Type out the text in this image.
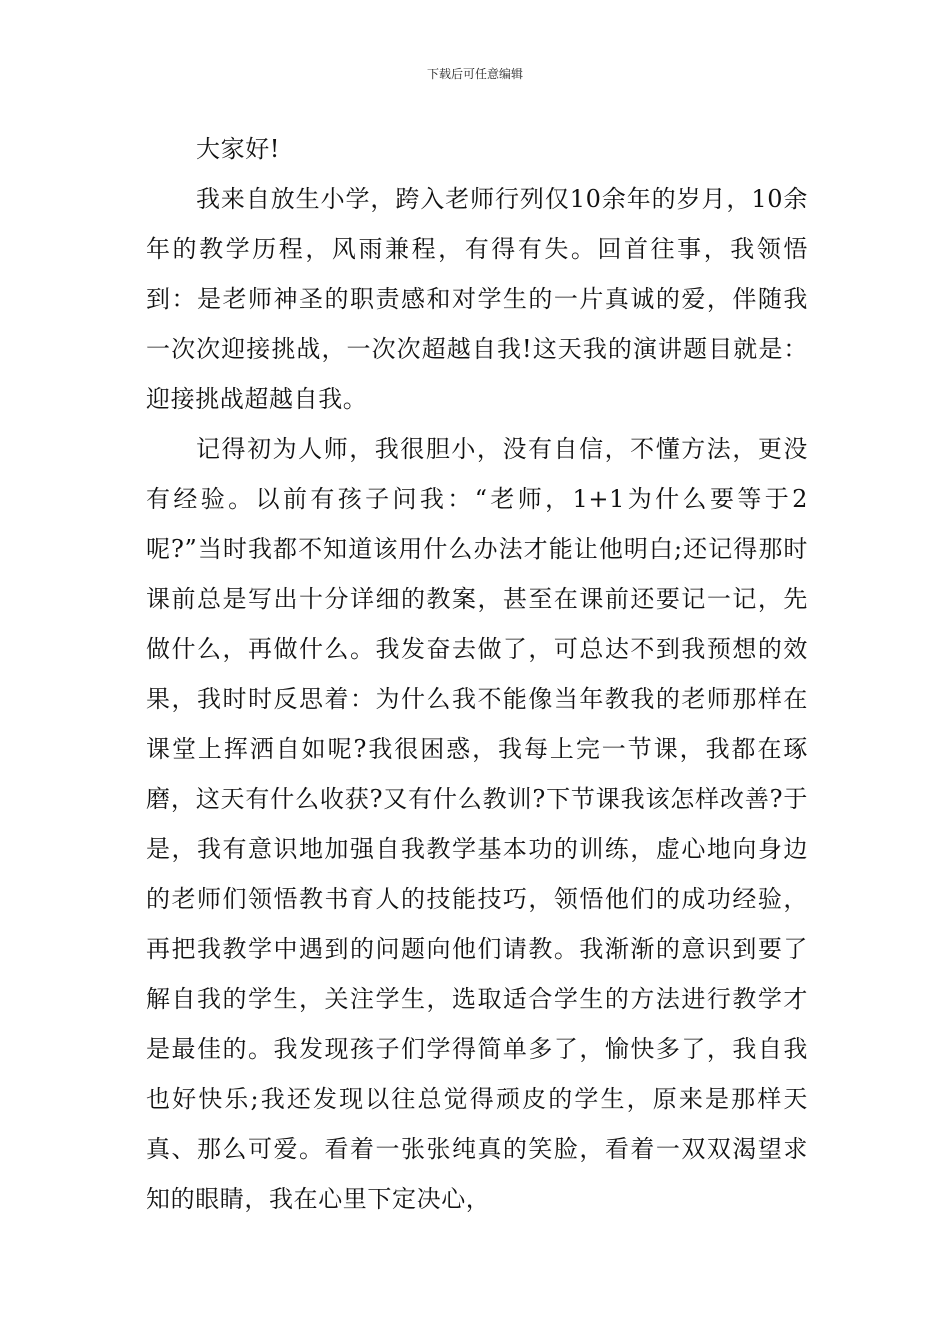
下载后可任意编辑

大家好!

我来自放生小学，跨入老师行列仅10余年的岁月，10余年的教学历程，风雨兼程，有得有失。回首往事，我领悟到：是老师神圣的职责感和对学生的一片真诚的爱，伴随我一次次迎接挑战，一次次超越自我!这天我的演讲题目就是：迎接挑战超越自我。

记得初为人师，我很胆小，没有自信，不懂方法，更没有经验。以前有孩子问我：“老师，1+1为什么要等于2呢?”当时我都不知道该用什么办法才能让他明白;还记得那时课前总是写出十分详细的教案，甚至在课前还要记一记，先做什么，再做什么。我发奋去做了，可总达不到我预想的效果，我时时反思着：为什么我不能像当年教我的老师那样在课堂上挥洒自如呢?我很困惑，我每上完一节课，我都在琢磨，这天有什么收获?又有什么教训?下节课我该怎样改善?于是，我有意识地加强自我教学基本功的训练，虚心地向身边的老师们领悟教书育人的技能技巧，领悟他们的成功经验，再把我教学中遇到的问题向他们请教。我渐渐的意识到要了解自我的学生，关注学生，选取适合学生的方法进行教学才是最佳的。我发现孩子们学得简单多了，愉快多了，我自我也好快乐;我还发现以往总觉得顽皮的学生，原来是那样天真、那么可爱。看着一张张纯真的笑脸，看着一双双渴望求知的眼睛，我在心里下定决心，
